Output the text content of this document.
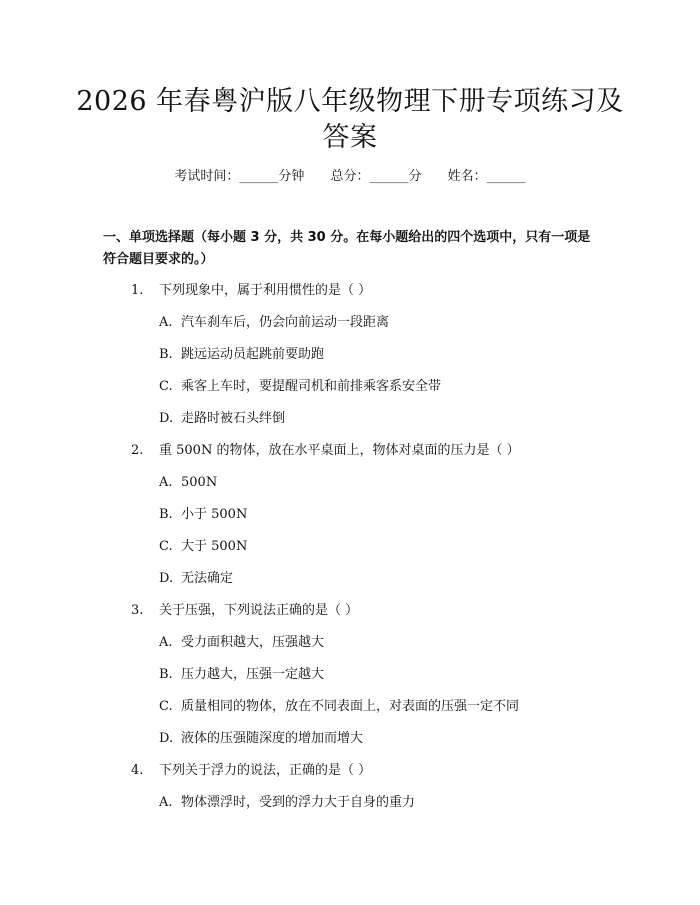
2026 年春粤沪版八年级物理下册专项练习及答案
考试时间：______分钟 总分：______分 姓名：______
一、单项选择题（每小题 3 分，共 30 分。在每小题给出的四个选项中，只有一项是符合题目要求的。）
1. 下列现象中，属于利用惯性的是（ ）
A. 汽车刹车后，仍会向前运动一段距离
B. 跳远运动员起跳前要助跑
C. 乘客上车时，要提醒司机和前排乘客系安全带
D. 走路时被石头绊倒
2. 重 500N 的物体，放在水平桌面上，物体对桌面的压力是（ ）
A. 500N
B. 小于 500N
C. 大于 500N
D. 无法确定
3. 关于压强，下列说法正确的是（ ）
A. 受力面积越大，压强越大
B. 压力越大，压强一定越大
C. 质量相同的物体，放在不同表面上，对表面的压强一定不同
D. 液体的压强随深度的增加而增大
4. 下列关于浮力的说法，正确的是（ ）
A. 物体漂浮时，受到的浮力大于自身的重力
